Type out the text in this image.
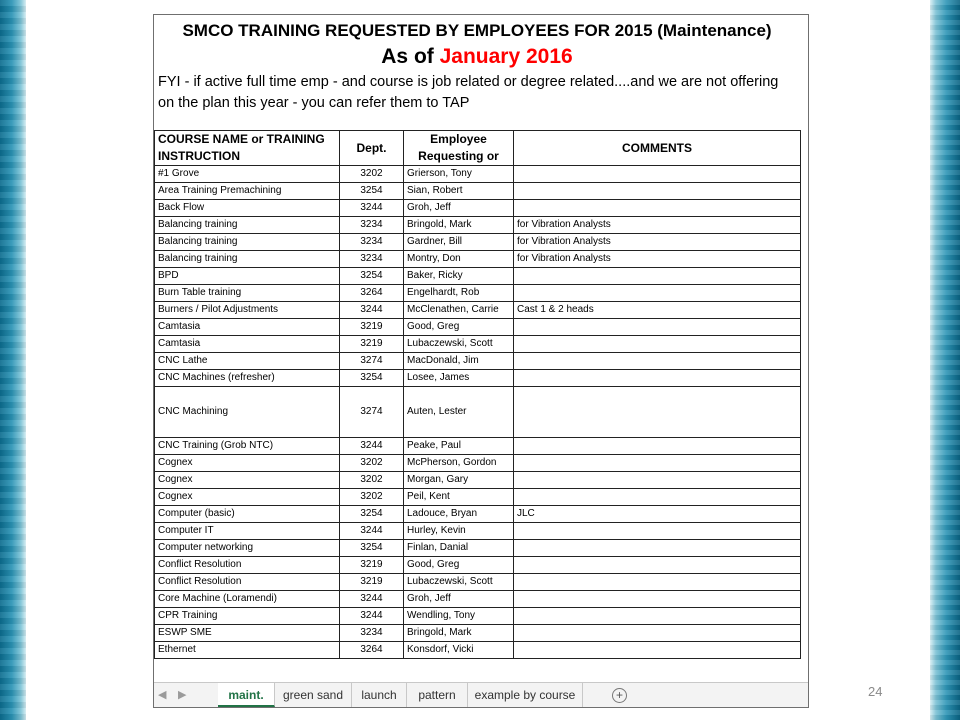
SMCO TRAINING REQUESTED BY EMPLOYEES FOR 2015 (Maintenance)
As of January 2016
FYI - if active full time emp - and course is job related or degree related....and we are not offering on the plan this year - you can refer them to TAP
COURSE NAME or TRAINING INSTRUCTION	Dept.	Employee Requesting or	COMMENTS
#1 Grove	3202	Grierson, Tony	
Area Training Premachining	3254	Sian, Robert	
Back Flow	3244	Groh, Jeff	
Balancing training	3234	Bringold, Mark	for Vibration Analysts
Balancing training	3234	Gardner, Bill	for Vibration Analysts
Balancing training	3234	Montry, Don	for Vibration Analysts
BPD	3254	Baker, Ricky	
Burn Table training	3264	Engelhardt, Rob	
Burners / Pilot Adjustments	3244	McClenathen, Carrie	Cast 1 & 2 heads
Camtasia	3219	Good, Greg	
Camtasia	3219	Lubaczewski, Scott	
CNC Lathe	3274	MacDonald, Jim	
CNC Machines (refresher)	3254	Losee, James	
CNC Machining	3274	Auten, Lester	
CNC Training (Grob NTC)	3244	Peake, Paul	
Cognex	3202	McPherson, Gordon	
Cognex	3202	Morgan, Gary	
Cognex	3202	Peil, Kent	
Computer (basic)	3254	Ladouce, Bryan	JLC
Computer IT	3244	Hurley, Kevin	
Computer networking	3254	Finlan, Danial	
Conflict Resolution	3219	Good, Greg	
Conflict Resolution	3219	Lubaczewski, Scott	
Core Machine (Loramendi)	3244	Groh, Jeff	
CPR Training	3244	Wendling, Tony	
ESWP SME	3234	Bringold, Mark	
Ethernet	3264	Konsdorf, Vicki	
◀ ▶	maint.	green sand	launch	pattern	example by course	+	24
